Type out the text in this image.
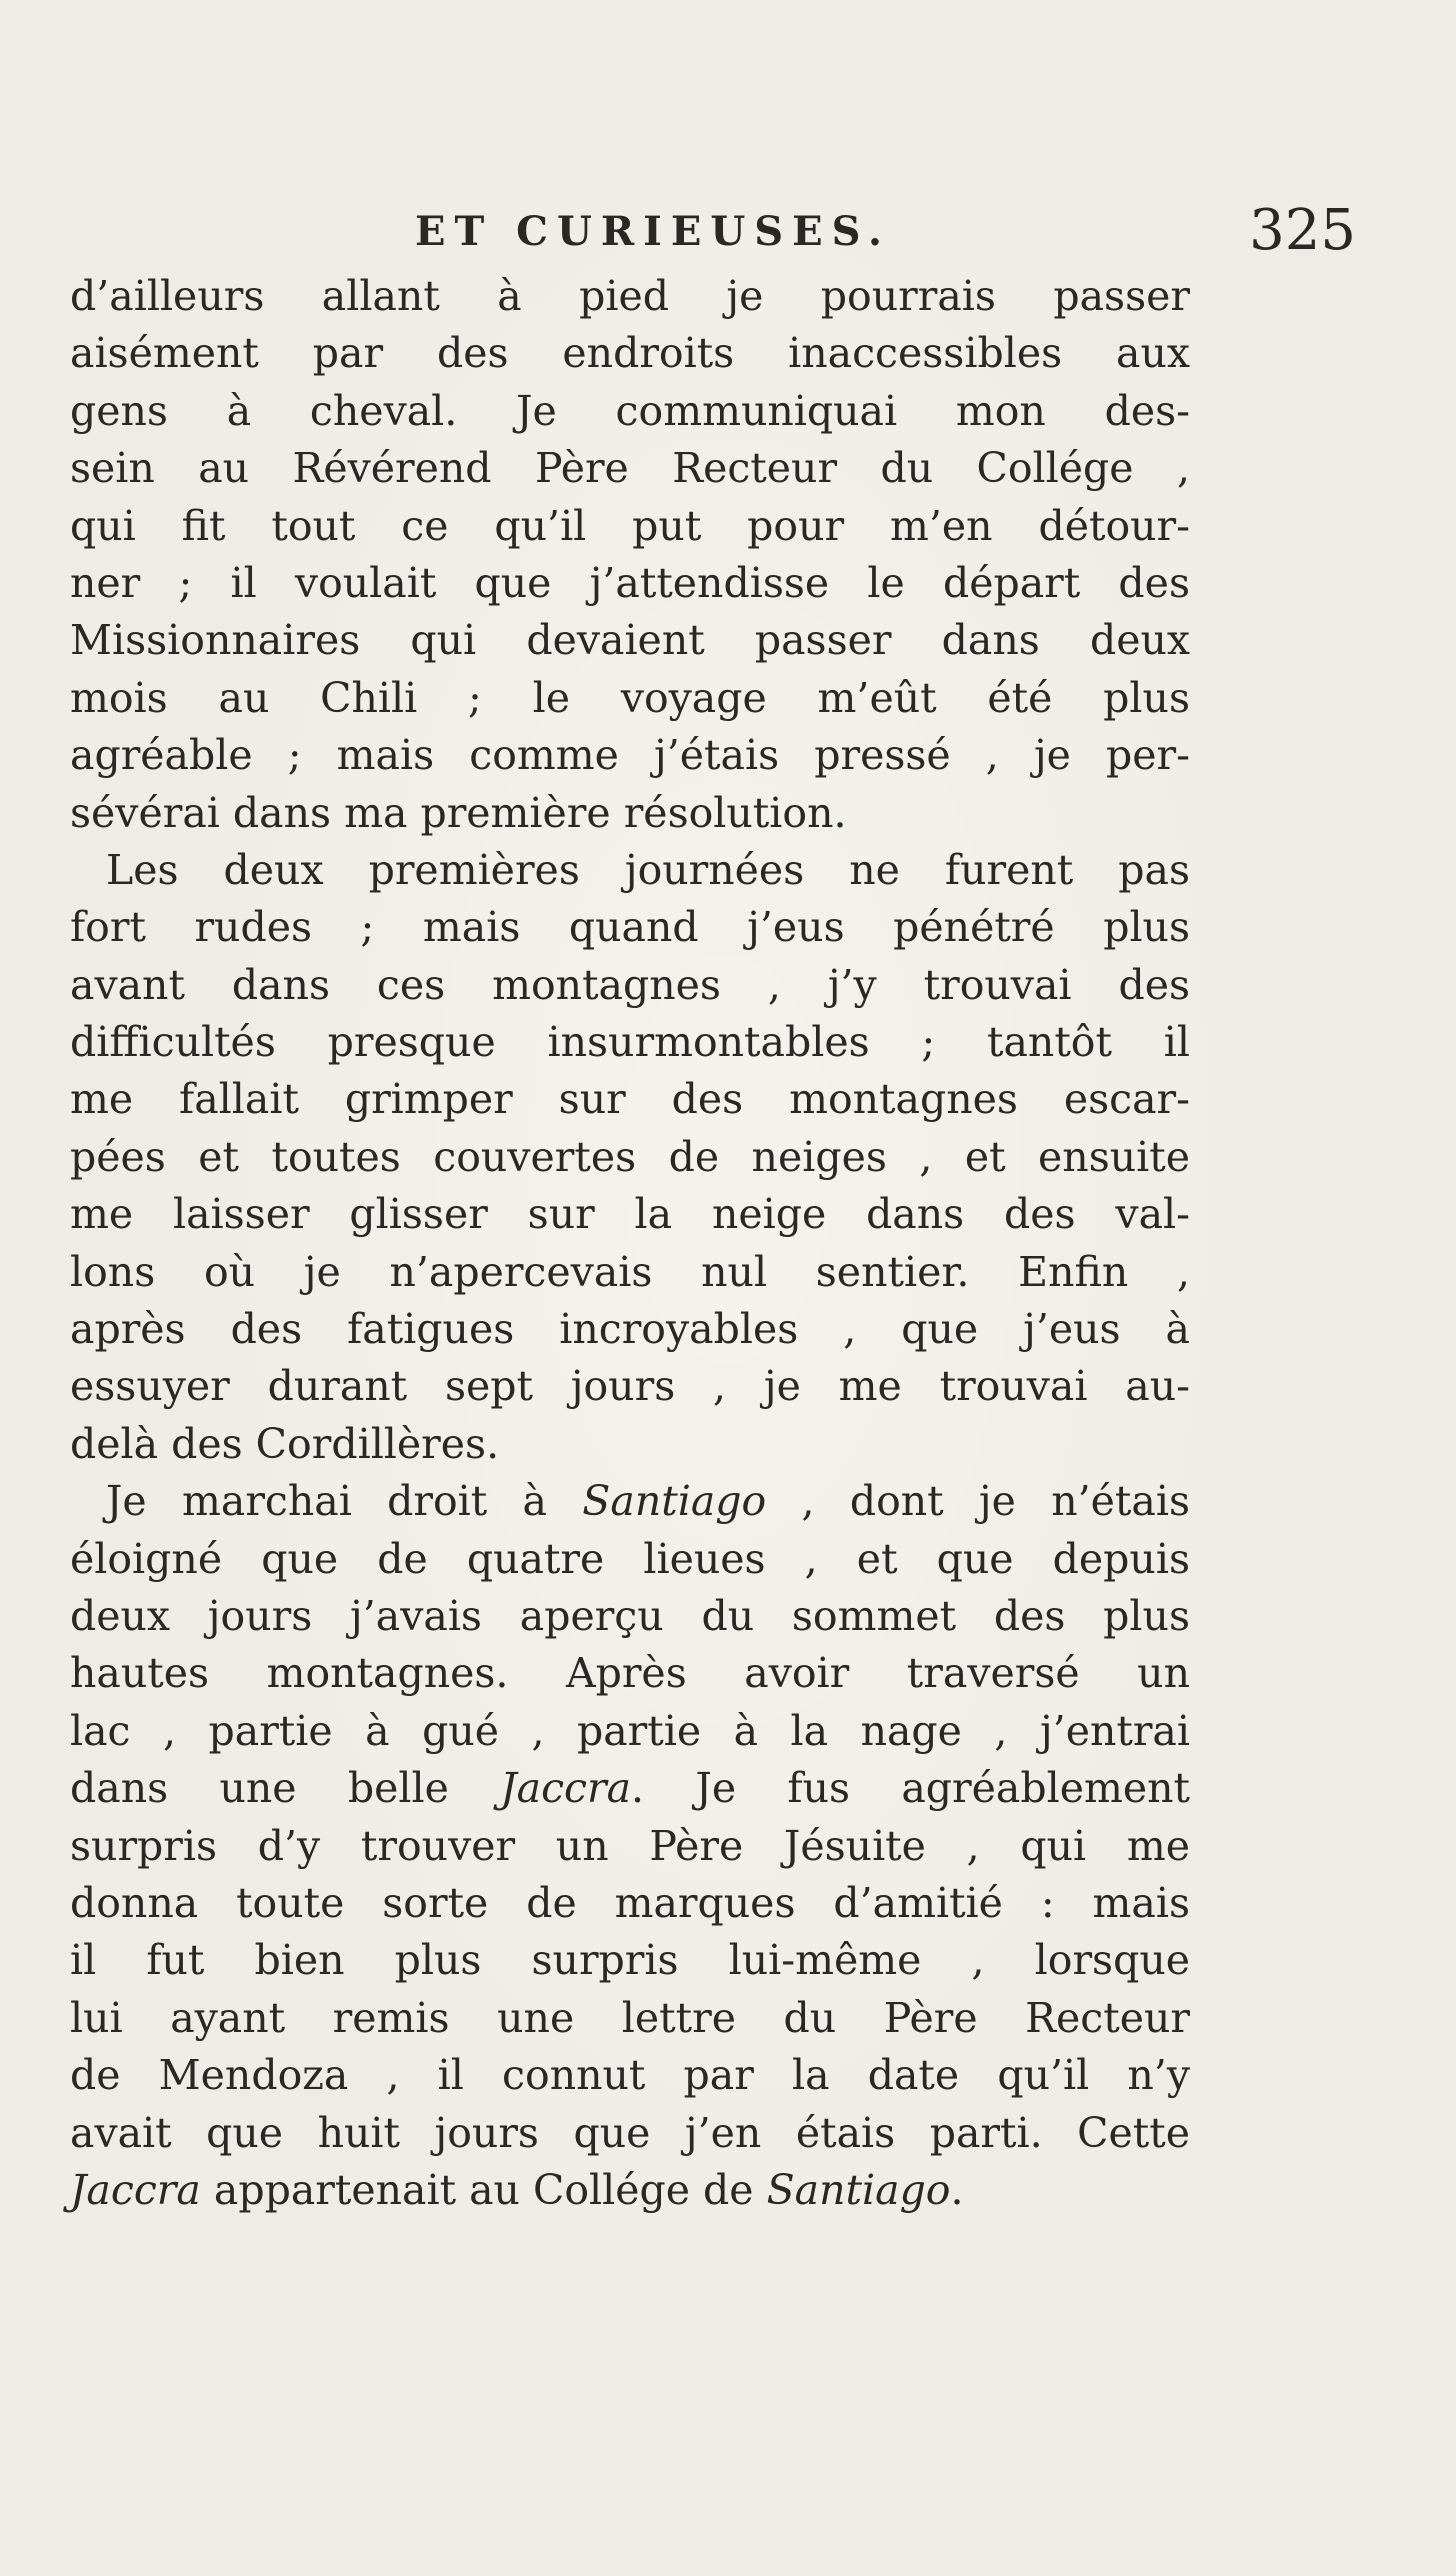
ET CURIEUSES.	325
d’ailleurs allant à pied je pourrais passer
aisément par des endroits inaccessibles aux
gens à cheval. Je communiquai mon des-
sein au Révérend Père Recteur du Collége ,
qui fit tout ce qu’il put pour m’en détour-
ner ; il voulait que j’attendisse le départ des
Missionnaires qui devaient passer dans deux
mois au Chili ; le voyage m’eût été plus
agréable ; mais comme j’étais pressé , je per-
sévérai dans ma première résolution.
Les deux premières journées ne furent pas
fort rudes ; mais quand j’eus pénétré plus
avant dans ces montagnes , j’y trouvai des
difficultés presque insurmontables ; tantôt il
me fallait grimper sur des montagnes escar-
pées et toutes couvertes de neiges , et ensuite
me laisser glisser sur la neige dans des val-
lons où je n’apercevais nul sentier. Enfin ,
après des fatigues incroyables , que j’eus à
essuyer durant sept jours , je me trouvai au-
delà des Cordillères.
Je marchai droit à Santiago , dont je n’étais
éloigné que de quatre lieues , et que depuis
deux jours j’avais aperçu du sommet des plus
hautes montagnes. Après avoir traversé un
lac , partie à gué , partie à la nage , j’entrai
dans une belle Jaccra. Je fus agréablement
surpris d’y trouver un Père Jésuite , qui me
donna toute sorte de marques d’amitié : mais
il fut bien plus surpris lui-même , lorsque
lui ayant remis une lettre du Père Recteur
de Mendoza , il connut par la date qu’il n’y
avait que huit jours que j’en étais parti. Cette
Jaccra appartenait au Collége de Santiago.
